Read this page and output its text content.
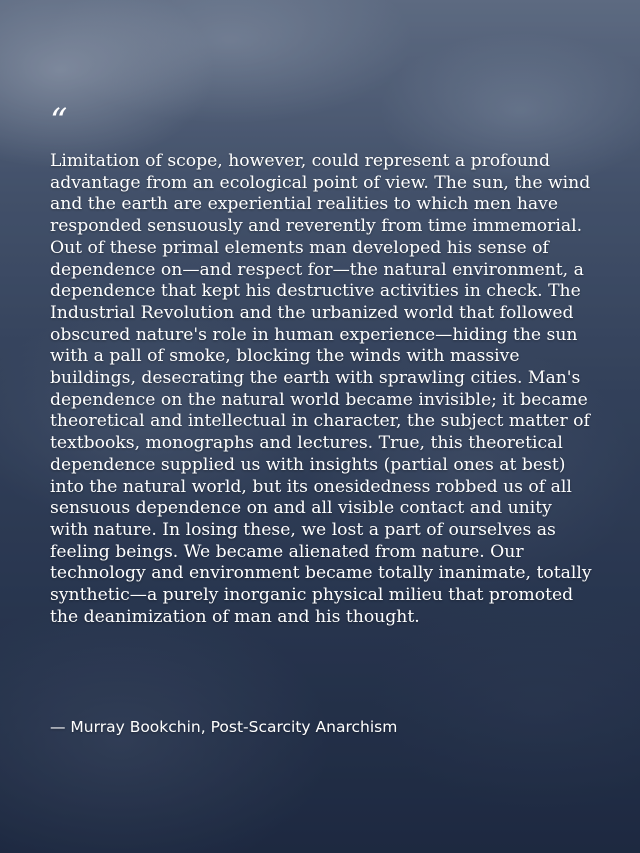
“

Limitation of scope, however, could represent a profound advantage from an ecological point of view. The sun, the wind and the earth are experiential realities to which men have responded sensuously and reverently from time immemorial. Out of these primal elements man developed his sense of dependence on—and respect for—the natural environment, a dependence that kept his destructive activities in check. The Industrial Revolution and the urbanized world that followed obscured nature's role in human experience—hiding the sun with a pall of smoke, blocking the winds with massive buildings, desecrating the earth with sprawling cities. Man's dependence on the natural world became invisible; it became theoretical and intellectual in character, the subject matter of textbooks, monographs and lectures. True, this theoretical dependence supplied us with insights (partial ones at best) into the natural world, but its onesidedness robbed us of all sensuous dependence on and all visible contact and unity with nature. In losing these, we lost a part of ourselves as feeling beings. We became alienated from nature. Our technology and environment became totally inanimate, totally synthetic—a purely inorganic physical milieu that promoted the deanimization of man and his thought.

— Murray Bookchin, Post-Scarcity Anarchism
